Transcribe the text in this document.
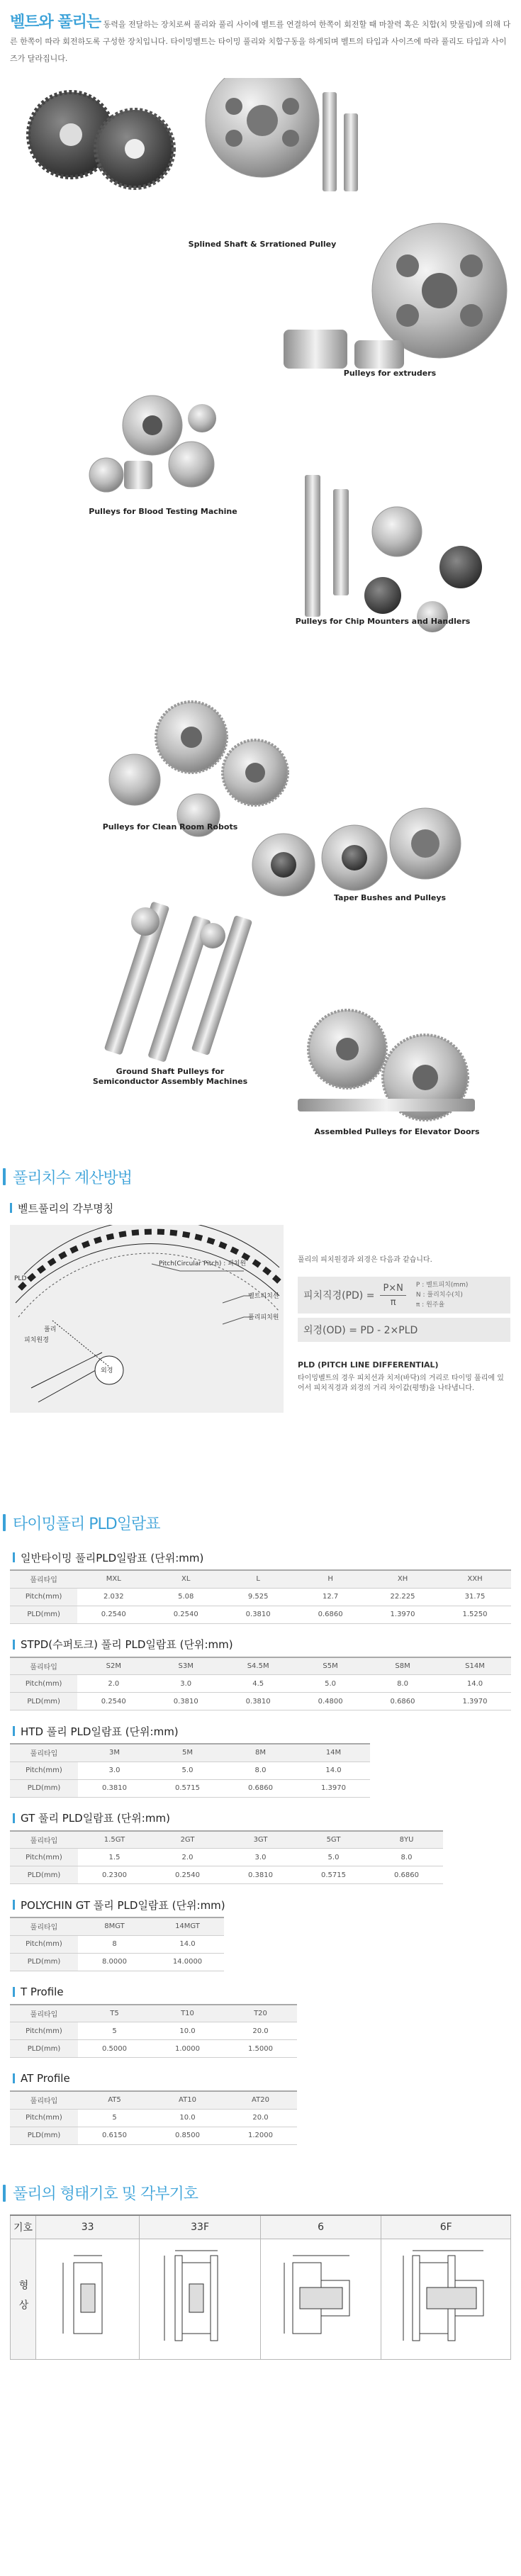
벨트와 풀리는 동력을 전달하는 장치로써 풀리와 풀리 사이에 벨트를 연결하여 한쪽이 회전할 때 마찰력 혹은 치합(치 맞물림)에 의해 다른 한쪽이 따라 회전하도록 구성한 장치입니다. 타이밍벨트는 타이밍 풀리와 치합구동을 하게되며 벨트의 타입과 사이즈에 따라 풀리도 타입과 사이즈가 달라집니다.
Splined Shaft & Srrationed Pulley
Pulleys for extruders
Pulleys for Blood Testing Machine
Pulleys for Chip Mounters and Handlers
Pulleys for Clean Room Robots
Taper Bushes and Pulleys
Ground Shaft Pulleys for
Semiconductor Assembly Machines
Assembled Pulleys for Elevator Doors
풀리치수 계산방법
벨트풀리의 각부명칭
Pitch(Circular Pitch) : 피치원
PLD
벨트피치선
풀리피치원
풀리
피치원경
외경
풀리의 피치원경과 외경은 다음과 같습니다.
피치직경$(PD) = \frac{P\times N}{\pi}$ P : 벨트피치(mm)
N : 풀리치수(치)
π : 원주율
외경(OD) = PD - 2×PLD
PLD (PITCH LINE DIFFERENTIAL)
타이밍벨트의 경우 피치선과 치저(바닥)의 거리로 타이밍 풀리에 있어서 피치직경과 외경의 거리 차이값(평행)을 나타냅니다.
타이밍풀리 PLD일람표
일반타이밍 풀리PLD일람표 (단위:mm)
풀리타입	MXL	XL	L	H	XH	XXH
Pitch(mm)	2.032	5.08	9.525	12.7	22.225	31.75
PLD(mm)	0.2540	0.2540	0.3810	0.6860	1.3970	1.5250
STPD(수퍼토크) 풀리 PLD일람표 (단위:mm)
풀리타입	S2M	S3M	S4.5M	S5M	S8M	S14M
Pitch(mm)	2.0	3.0	4.5	5.0	8.0	14.0
PLD(mm)	0.2540	0.3810	0.3810	0.4800	0.6860	1.3970
HTD 풀리 PLD일람표 (단위:mm)
풀리타입	3M	5M	8M	14M
Pitch(mm)	3.0	5.0	8.0	14.0
PLD(mm)	0.3810	0.5715	0.6860	1.3970
GT 풀리 PLD일람표 (단위:mm)
풀리타입	1.5GT	2GT	3GT	5GT	8YU
Pitch(mm)	1.5	2.0	3.0	5.0	8.0
PLD(mm)	0.2300	0.2540	0.3810	0.5715	0.6860
POLYCHIN GT 풀리 PLD일람표 (단위:mm)
풀리타입	8MGT	14MGT
Pitch(mm)	8	14.0
PLD(mm)	8.0000	14.0000
T Profile
풀리타입	T5	T10	T20
Pitch(mm)	5	10.0	20.0
PLD(mm)	0.5000	1.0000	1.5000
AT Profile
풀리타입	AT5	AT10	AT20
Pitch(mm)	5	10.0	20.0
PLD(mm)	0.6150	0.8500	1.2000
풀리의 형태기호 및 각부기호
기호	33	33F	6	6F
형상				
